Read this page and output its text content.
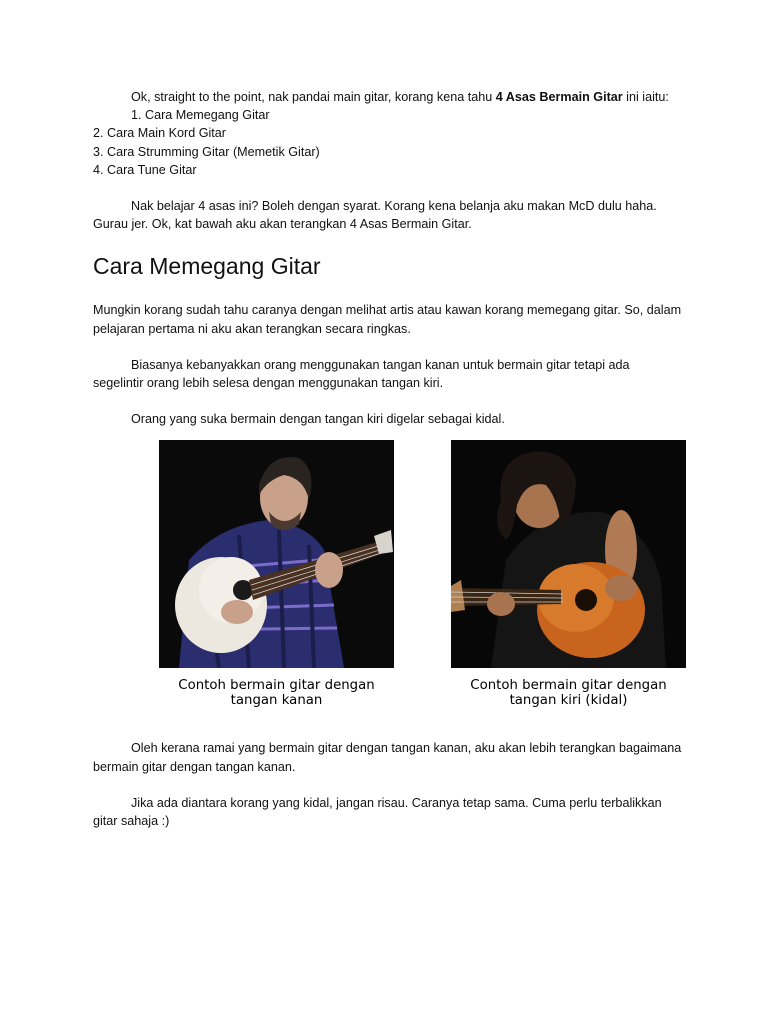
Ok, straight to the point, nak pandai main gitar, korang kena tahu 4 Asas Bermain Gitar ini iaitu:

1. Cara Memegang Gitar

2. Cara Main Kord Gitar

3. Cara Strumming Gitar (Memetik Gitar)

4. Cara Tune Gitar

Nak belajar 4 asas ini? Boleh dengan syarat. Korang kena belanja aku makan McD dulu haha. Gurau jer. Ok, kat bawah aku akan terangkan 4 Asas Bermain Gitar.

Cara Memegang Gitar

Mungkin korang sudah tahu caranya dengan melihat artis atau kawan korang memegang gitar. So, dalam pelajaran pertama ni aku akan terangkan secara ringkas.

Biasanya kebanyakkan orang menggunakan tangan kanan untuk bermain gitar tetapi ada segelintir orang lebih selesa dengan menggunakan tangan kiri.

Orang yang suka bermain dengan tangan kiri digelar sebagai kidal.

Contoh bermain gitar dengan
tangan kanan
Contoh bermain gitar dengan
tangan kiri (kidal)

Oleh kerana ramai yang bermain gitar dengan tangan kanan, aku akan lebih terangkan bagaimana bermain gitar dengan tangan kanan.

Jika ada diantara korang yang kidal, jangan risau. Caranya tetap sama. Cuma perlu terbalikkan gitar sahaja :)
